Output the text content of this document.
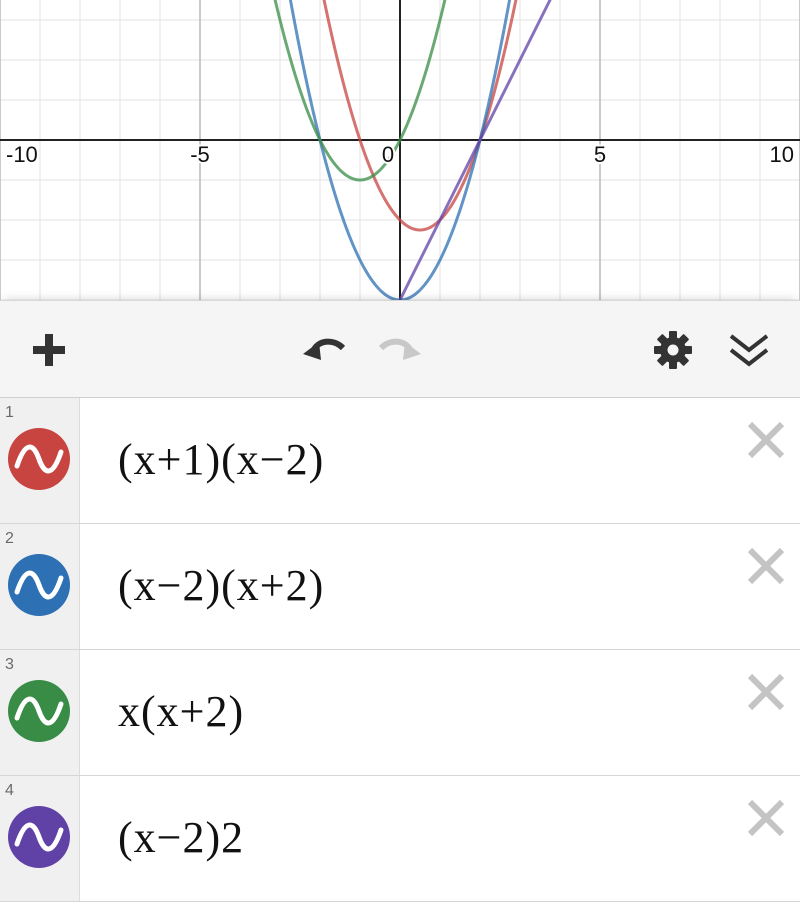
-10	-5	0	5	10
1
(x+1)(x−2)
2
(x−2)(x+2)
3
x(x+2)
4
(x−2)2
